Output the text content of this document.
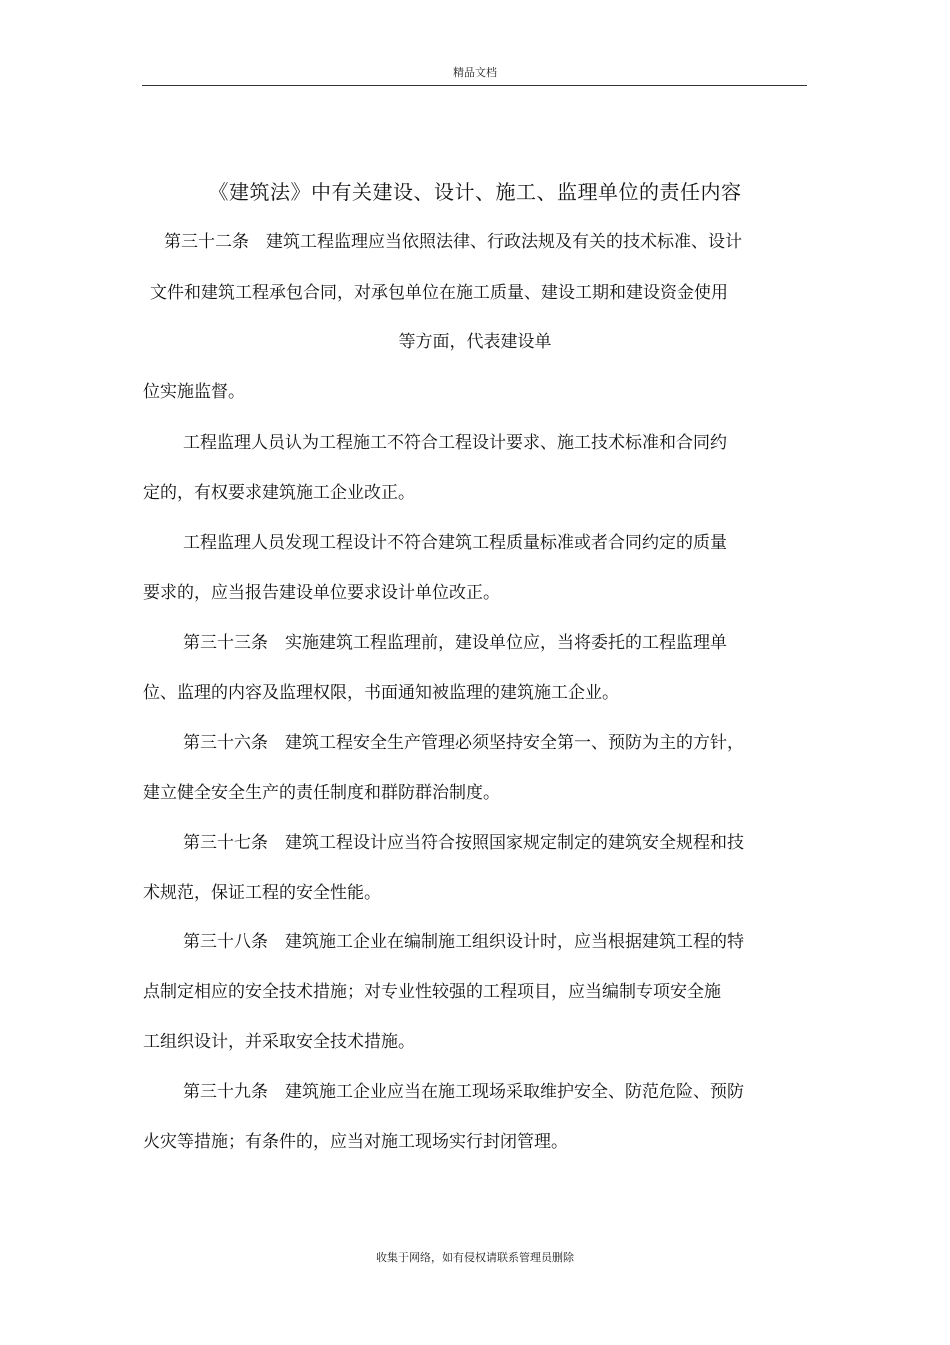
精品文档
《建筑法》中有关建设、设计、施工、监理单位的责任内容
第三十二条　建筑工程监理应当依照法律、行政法规及有关的技术标准、设计
文件和建筑工程承包合同，对承包单位在施工质量、建设工期和建设资金使用
等方面，代表建设单
位实施监督。
工程监理人员认为工程施工不符合工程设计要求、施工技术标准和合同约
定的，有权要求建筑施工企业改正。
工程监理人员发现工程设计不符合建筑工程质量标准或者合同约定的质量
要求的，应当报告建设单位要求设计单位改正。
第三十三条　实施建筑工程监理前，建设单位应，当将委托的工程监理单
位、监理的内容及监理权限，书面通知被监理的建筑施工企业。
第三十六条　建筑工程安全生产管理必须坚持安全第一、预防为主的方针，
建立健全安全生产的责任制度和群防群治制度。
第三十七条　建筑工程设计应当符合按照国家规定制定的建筑安全规程和技
术规范，保证工程的安全性能。
第三十八条　建筑施工企业在编制施工组织设计时，应当根据建筑工程的特
点制定相应的安全技术措施；对专业性较强的工程项目，应当编制专项安全施
工组织设计，并采取安全技术措施。
第三十九条　建筑施工企业应当在施工现场采取维护安全、防范危险、预防
火灾等措施；有条件的，应当对施工现场实行封闭管理。
收集于网络，如有侵权请联系管理员删除
